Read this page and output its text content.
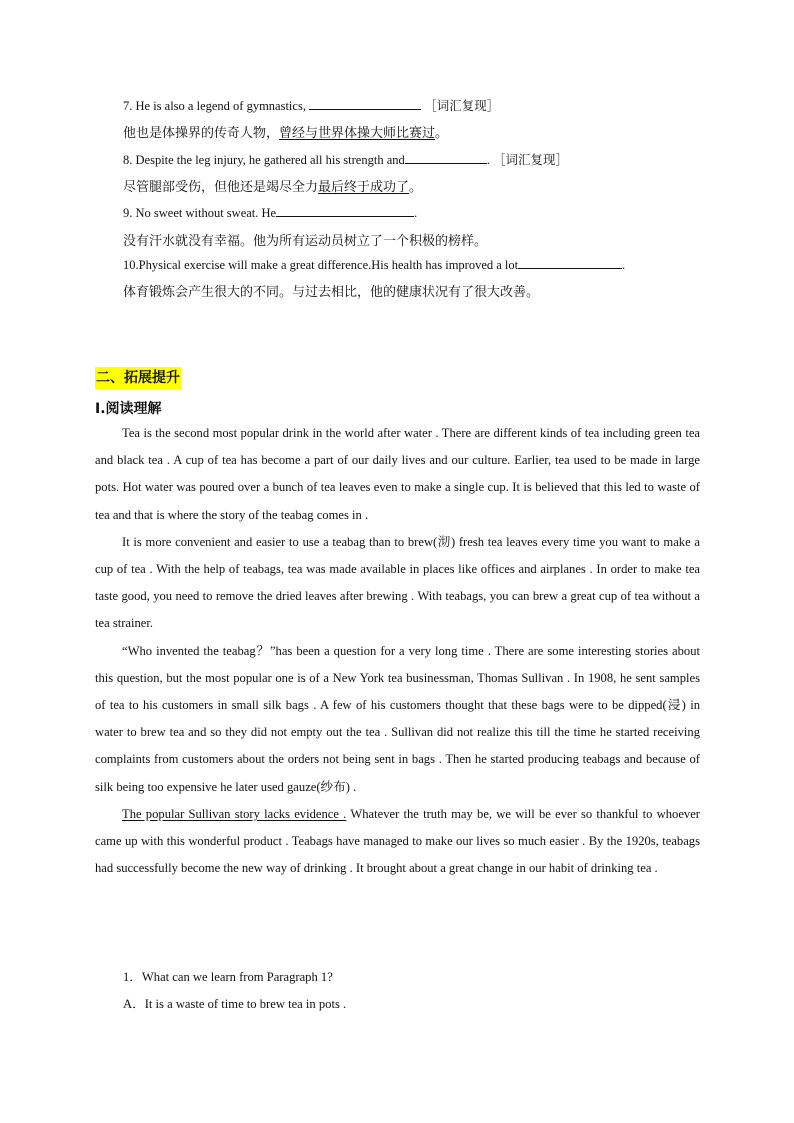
7. He is also a legend of gymnastics,	［词汇复现］
他也是体操界的传奇人物，曾经与世界体操大师比赛过。
8. Despite the leg injury, he gathered all his strength and	. ［词汇复现］
尽管腿部受伤，但他还是竭尽全力最后终于成功了。
9. No sweet without sweat. He	.
没有汗水就没有幸福。他为所有运动员树立了一个积极的榜样。
10.Physical exercise will make a great difference.His health has improved a lot	.
体育锻炼会产生很大的不同。与过去相比，他的健康状况有了很大改善。
二、拓展提升
I.阅读理解

Tea is the second most popular drink in the world after water . There are different kinds of tea including green tea and black tea . A cup of tea has become a part of our daily lives and our culture. Earlier, tea used to be made in large pots. Hot water was poured over a bunch of tea leaves even to make a single cup. It is believed that this led to waste of tea and that is where the story of the teabag comes in .

It is more convenient and easier to use a teabag than to brew(沏) fresh tea leaves every time you want to make a cup of tea . With the help of teabags, tea was made available in places like offices and airplanes . In order to make tea taste good, you need to remove the dried leaves after brewing . With teabags, you can brew a great cup of tea without a tea strainer.

“Who invented the teabag？”has been a question for a very long time . There are some interesting stories about this question, but the most popular one is of a New York tea businessman, Thomas Sullivan . In 1908, he sent samples of tea to his customers in small silk bags . A few of his customers thought that these bags were to be dipped(浸) in water to brew tea and so they did not empty out the tea . Sullivan did not realize this till the time he started receiving complaints from customers about the orders not being sent in bags . Then he started producing teabags and because of silk being too expensive he later used gauze(纱布) .

The popular Sullivan story lacks evidence . Whatever the truth may be, we will be ever so thankful to whoever came up with this wonderful product . Teabags have managed to make our lives so much easier . By the 1920s, teabags had successfully become the new way of drinking . It brought about a great change in our habit of drinking tea .

1．What can we learn from Paragraph 1?
A．It is a waste of time to brew tea in pots .
